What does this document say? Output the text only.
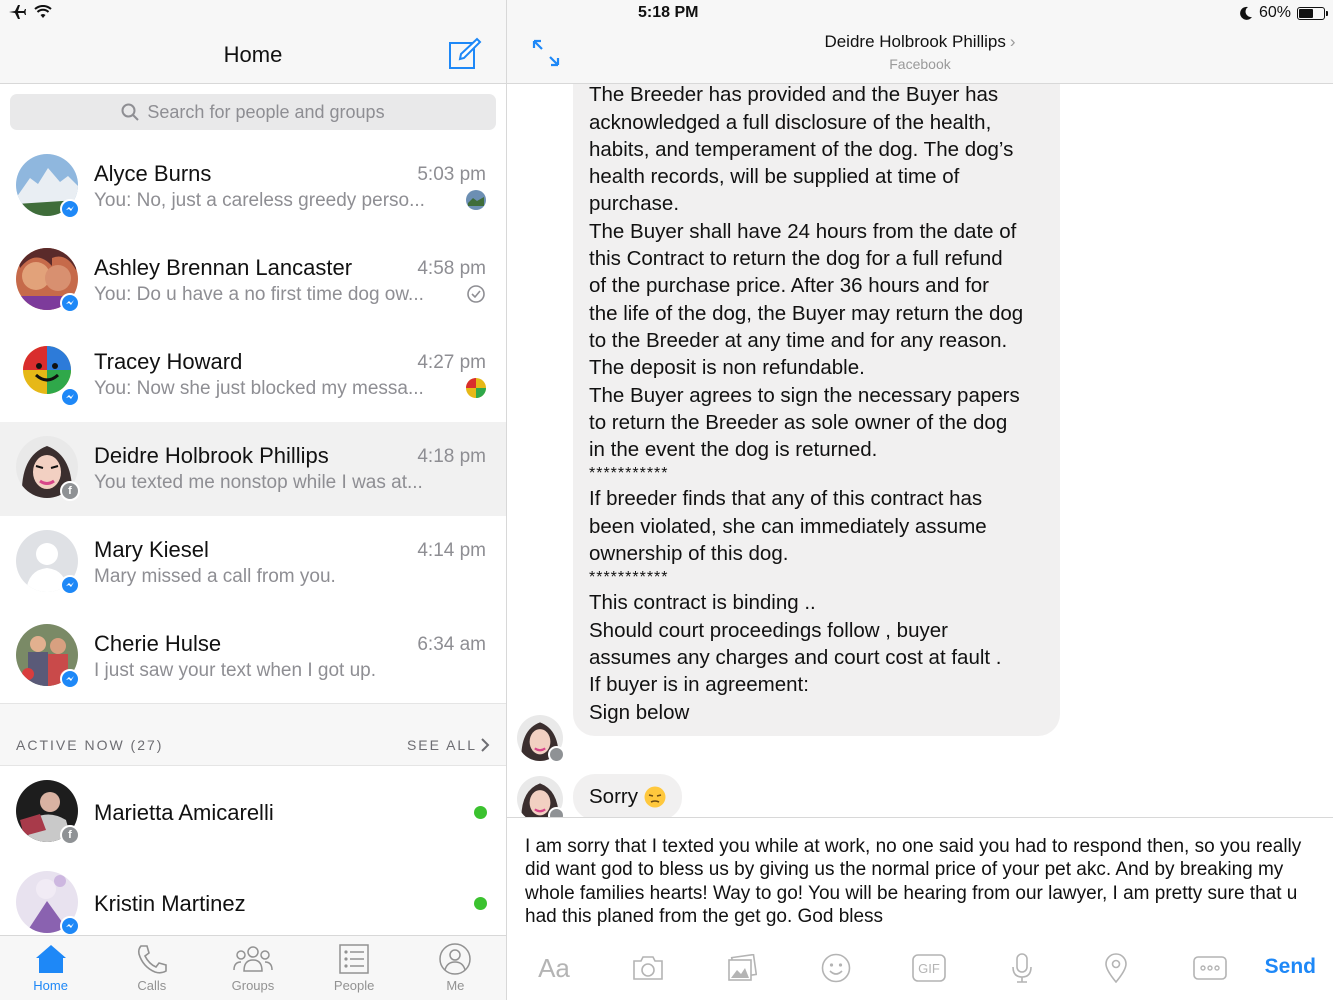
Home
Search for people and groups
Alyce Burns	5:03 pm
You: No, just a careless greedy perso...
Ashley Brennan Lancaster	4:58 pm
You: Do u have a no first time dog ow...
Tracey Howard	4:27 pm
You: Now she just blocked my messa...
f
Deidre Holbrook Phillips	4:18 pm
You texted me nonstop while I was at...
Mary Kiesel	4:14 pm
Mary missed a call from you.
Cherie Hulse	6:34 am
I just saw your text when I got up.
ACTIVE NOW (27)	SEE ALL
f
Marietta Amicarelli
Kristin Martinez
Home	Calls	Groups	People	Me
5:18 PM	60%
Deidre Holbrook Phillips ›
Facebook
The Breeder has provided and the Buyer has
acknowledged a full disclosure of the health,
habits, and temperament of the dog. The dog’s
health records, will be supplied at time of
purchase.
The Buyer shall have 24 hours from the date of
this Contract to return the dog for a full refund
of the purchase price. After 36 hours and for
the life of the dog, the Buyer may return the dog
to the Breeder at any time and for any reason.
The deposit is non refundable.
The Buyer agrees to sign the necessary papers
to return the Breeder as sole owner of the dog
in the event the dog is returned.
***********
If breeder finds that any of this contract has
been violated, she can immediately assume
ownership of this dog.
***********
This contract is binding ..
Should court proceedings follow , buyer
assumes any charges and court cost at fault .
If buyer is in agreement:
Sign below
Sorry
I am sorry that I texted you while at work, no one said you had to respond then, so you really did want god to bless us by giving us the normal price of your pet akc. And by breaking my whole families hearts! Way to go! You will be hearing from our lawyer, I am pretty sure that u had this planed from the get go. God bless
Aa	GIF	Send
